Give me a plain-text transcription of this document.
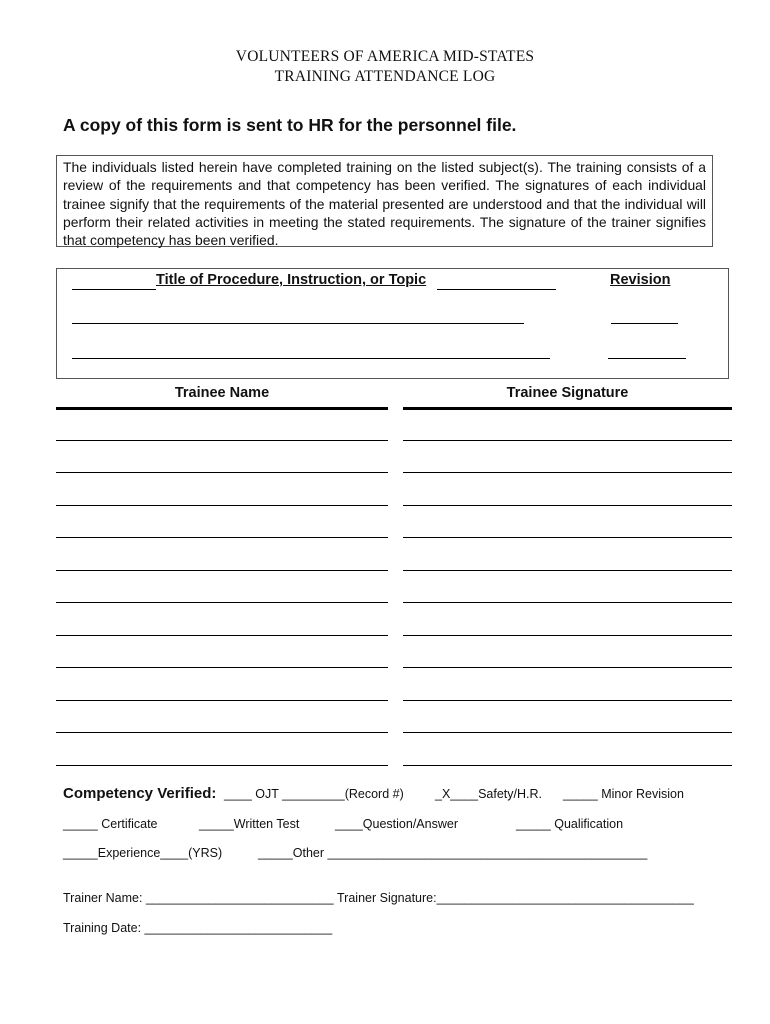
VOLUNTEERS OF AMERICA MID-STATES
TRAINING ATTENDANCE LOG
A copy of this form is sent to HR for the personnel file.
The individuals listed herein have completed training on the listed subject(s). The training consists of a review of the requirements and that competency has been verified. The signatures of each individual trainee signify that the requirements of the material presented are understood and that the individual will perform their related activities in meeting the stated requirements. The signature of the trainer signifies that competency has been verified.
Title of Procedure, Instruction, or Topic	Revision
Trainee Name	Trainee Signature
Competency Verified: ____ OJT _________(Record #)	_X____Safety/H.R. _____ Minor Revision
_____ Certificate	_____Written Test	____Question/Answer	_____ Qualification
_____Experience____(YRS)	_____Other ______________________________________________
Trainer Name: ___________________________ Trainer Signature:_____________________________________
Training Date: ___________________________
